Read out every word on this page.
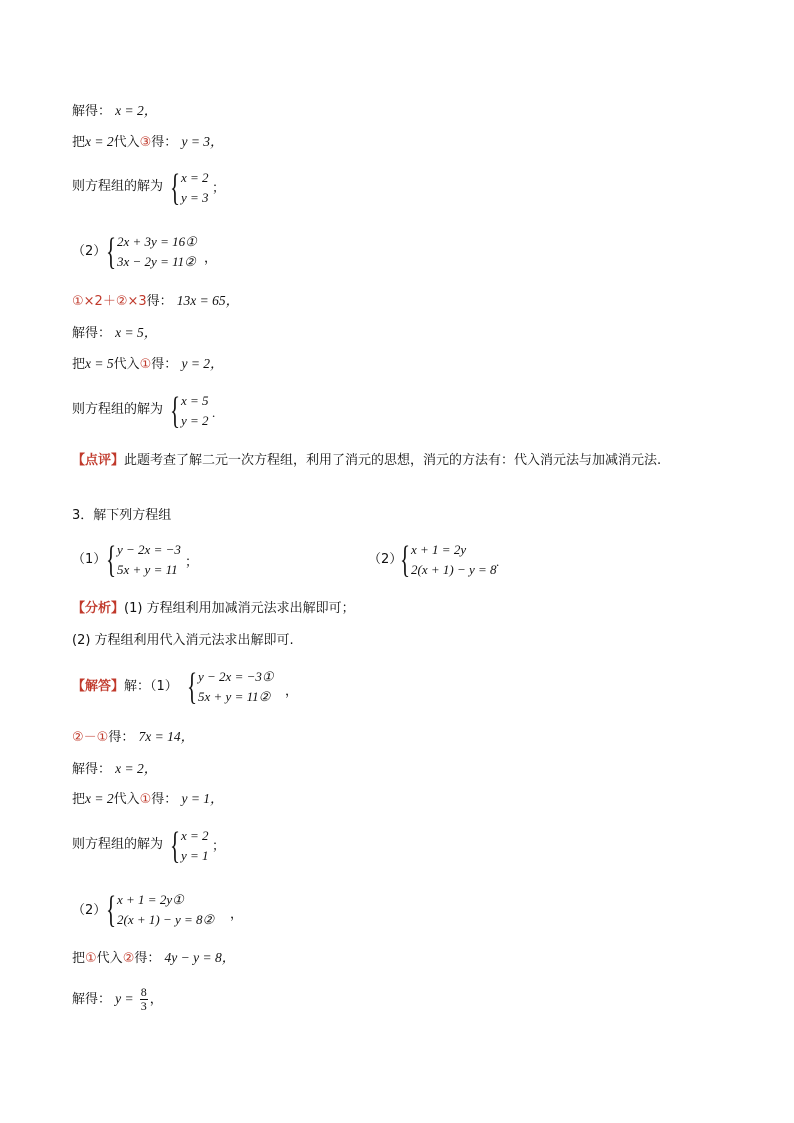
解得： x = 2，
把x = 2代入③得： y = 3，
则方程组的解为 { x = 2
y = 3
；
（2） { 2x + 3y = 16①
3x − 2y = 11② ，
①×2＋②×3得： 13x = 65，
解得： x = 5，
把x = 5代入①得： y = 2，
则方程组的解为 { x = 5
y = 2
.
【点评】此题考查了解二元一次方程组，利用了消元的思想，消元的方法有：代入消元法与加减消元法.
3．解下列方程组
（1） { y − 2x = −3
5x + y = 11
；	（2）
{ x + 1 = 2y
2(x + 1) − y = 8
.
【分析】(1) 方程组利用加减消元法求出解即可；
(2) 方程组利用代入消元法求出解即可.
【解答】解：（1） { y − 2x = −3①
5x + y = 11② ，
②－①得： 7x = 14，
解得： x = 2，
把x = 2代入①得： y = 1，
则方程组的解为 { x = 2
y = 1
；
（2） { x + 1 = 2y①
2(x + 1) − y = 8② ，
把①代入②得： 4y − y = 8，
解得： $y = \frac{8}{3}$ ，
